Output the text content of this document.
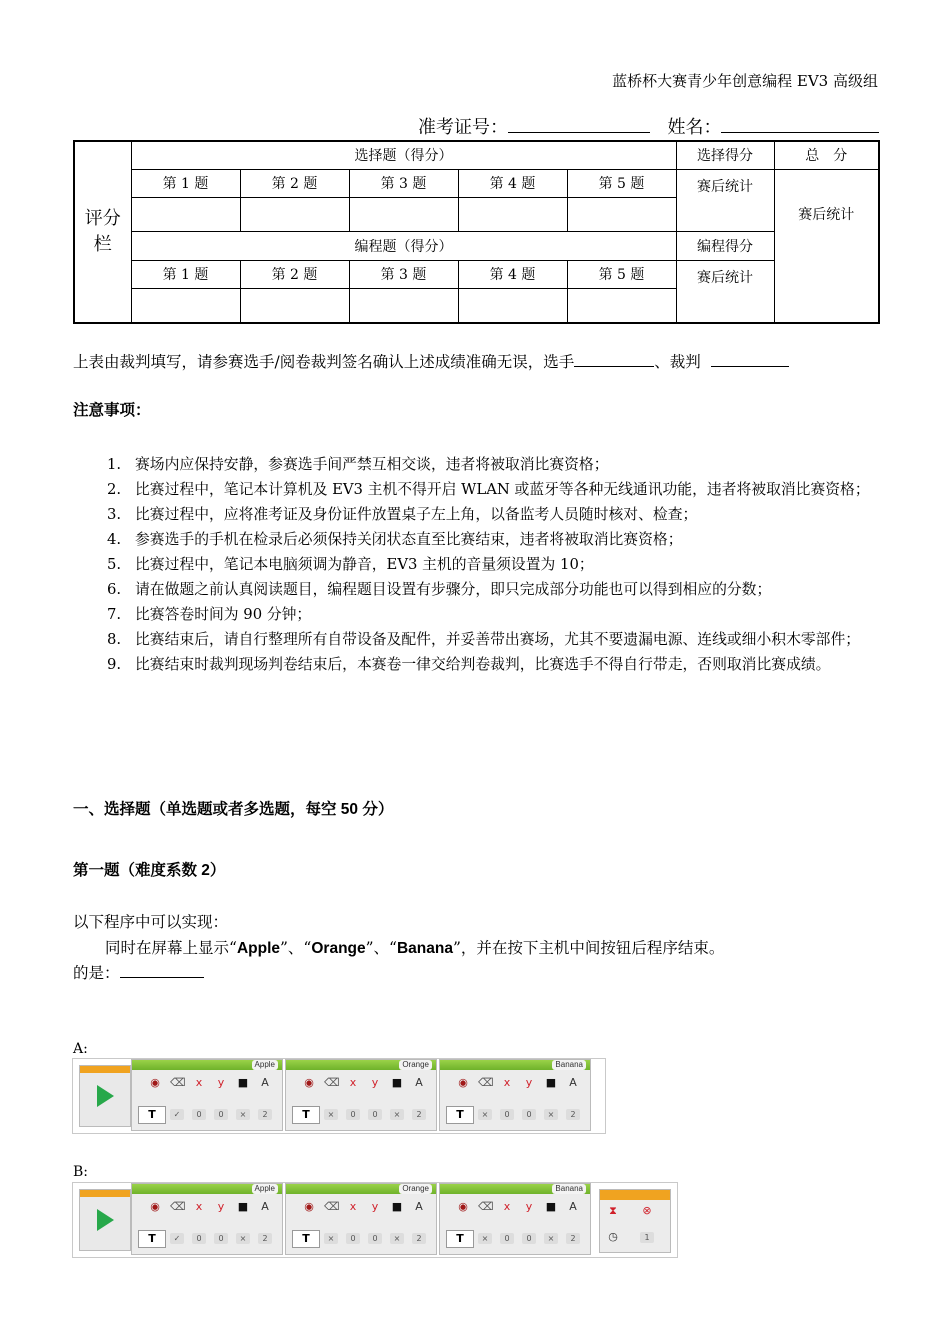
蓝桥杯大赛青少年创意编程 EV3 高级组
准考证号：	姓名：
评分
栏	选择题（得分）					选择得分	总　分
	第 1 题	第 2 题	第 3 题	第 4 题	第 5 题	赛后统计	赛后统计

	编程题（得分）					编程得分	
	第 1 题	第 2 题	第 3 题	第 4 题	第 5 题	赛后统计	

上表由裁判填写，请参赛选手/阅卷裁判签名确认上述成绩准确无误，选手	、裁判
注意事项：
1. 赛场内应保持安静，参赛选手间严禁互相交谈，违者将被取消比赛资格；
2. 比赛过程中，笔记本计算机及 EV3 主机不得开启 WLAN 或蓝牙等各种无线通讯功能，违者将被取消比赛资格；
3. 比赛过程中，应将准考证及身份证件放置桌子左上角，以备监考人员随时核对、检查；
4. 参赛选手的手机在检录后必须保持关闭状态直至比赛结束，违者将被取消比赛资格；
5. 比赛过程中，笔记本电脑须调为静音，EV3 主机的音量须设置为 10；
6. 请在做题之前认真阅读题目，编程题目设置有步骤分，即只完成部分功能也可以得到相应的分数；
7. 比赛答卷时间为 90 分钟；
8. 比赛结束后，请自行整理所有自带设备及配件，并妥善带出赛场，尤其不要遗漏电源、连线或细小积木零部件；
9. 比赛结束时裁判现场判卷结束后，本赛卷一律交给判卷裁判，比赛选手不得自行带走，否则取消比赛成绩。
一、选择题（单选题或者多选题，每空 50 分）
第一题（难度系数 2）
以下程序中可以实现：
同时在屏幕上显示“Apple”、“Orange”、“Banana”，并在按下主机中间按钮后程序结束。
的是：
A:
Apple
◉ ⌫ x	y	■ A
T	✓	0	0	×	2
Orange
◉ ⌫ x	y	■ A
T	×	0	0	×	2
Banana
◉ ⌫ x	y	■ A
T	×	0	0	×	2
B:
Apple
◉ ⌫ x	y	■ A
T	✓	0	0	×	2
Orange
◉ ⌫ x	y	■ A
T	×	0	0	×	2
Banana
◉ ⌫ x	y	■ A
T	×	0	0	×	2
⧗
◷
⊗
1
